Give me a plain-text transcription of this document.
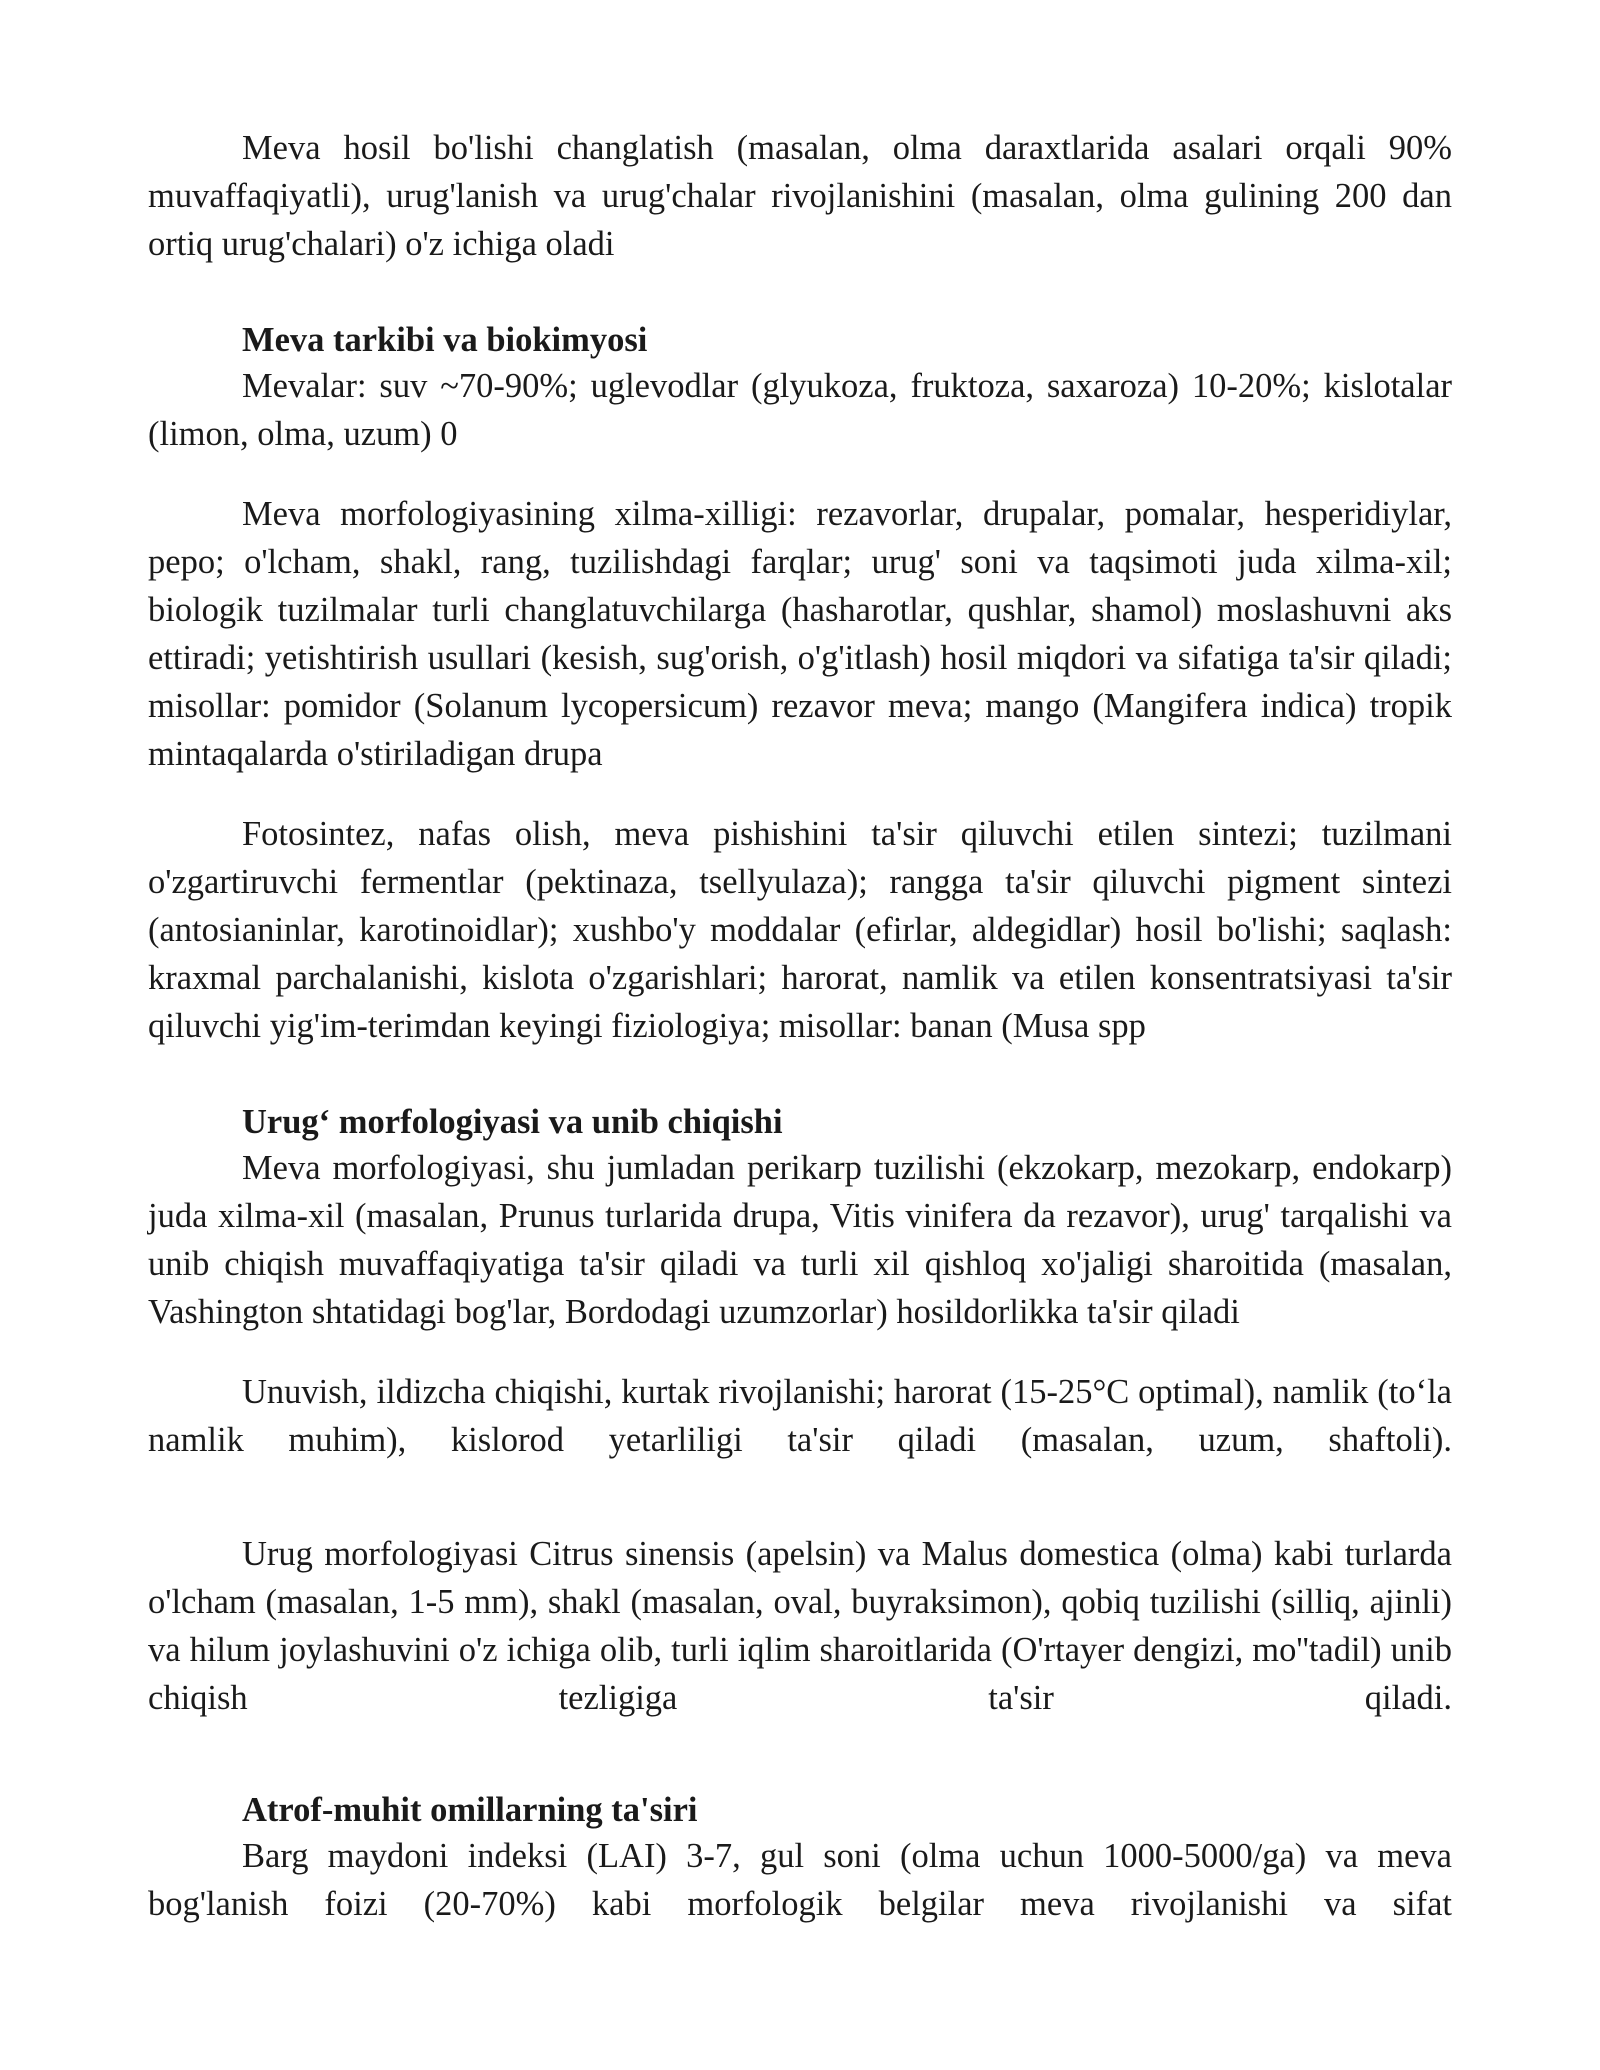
Meva hosil bo'lishi changlatish (masalan, olma daraxtlarida asalari orqali 90% muvaffaqiyatli), urug'lanish va urug'chalar rivojlanishini (masalan, olma gulining 200 dan ortiq urug'chalari) o'z ichiga oladi

Meva tarkibi va biokimyosi

Mevalar: suv ~70-90%; uglevodlar (glyukoza, fruktoza, saxaroza) 10-20%; kislotalar (limon, olma, uzum) 0

Meva morfologiyasining xilma-xilligi: rezavorlar, drupalar, pomalar, hesperidiylar, pepo; o'lcham, shakl, rang, tuzilishdagi farqlar; urug' soni va taqsimoti juda xilma-xil; biologik tuzilmalar turli changlatuvchilarga (hasharotlar, qushlar, shamol) moslashuvni aks ettiradi; yetishtirish usullari (kesish, sug'orish, o'g'itlash) hosil miqdori va sifatiga ta'sir qiladi; misollar: pomidor (Solanum lycopersicum) rezavor meva; mango (Mangifera indica) tropik mintaqalarda o'stiriladigan drupa

Fotosintez, nafas olish, meva pishishini ta'sir qiluvchi etilen sintezi; tuzilmani o'zgartiruvchi fermentlar (pektinaza, tsellyulaza); rangga ta'sir qiluvchi pigment sintezi (antosianinlar, karotinoidlar); xushbo'y moddalar (efirlar, aldegidlar) hosil bo'lishi; saqlash: kraxmal parchalanishi, kislota o'zgarishlari; harorat, namlik va etilen konsentratsiyasi ta'sir qiluvchi yig'im-terimdan keyingi fiziologiya; misollar: banan (Musa spp

Urug‘ morfologiyasi va unib chiqishi

Meva morfologiyasi, shu jumladan perikarp tuzilishi (ekzokarp, mezokarp, endokarp) juda xilma-xil (masalan, Prunus turlarida drupa, Vitis vinifera da rezavor), urug' tarqalishi va unib chiqish muvaffaqiyatiga ta'sir qiladi va turli xil qishloq xo'jaligi sharoitida (masalan, Vashington shtatidagi bog'lar, Bordodagi uzumzorlar) hosildorlikka ta'sir qiladi

Unuvish, ildizcha chiqishi, kurtak rivojlanishi; harorat (15-25°C optimal), namlik (to‘la namlik muhim), kislorod yetarliligi ta'sir qiladi (masalan, uzum, shaftoli).

Urug morfologiyasi Citrus sinensis (apelsin) va Malus domestica (olma) kabi turlarda o'lcham (masalan, 1-5 mm), shakl (masalan, oval, buyraksimon), qobiq tuzilishi (silliq, ajinli) va hilum joylashuvini o'z ichiga olib, turli iqlim sharoitlarida (O'rtayer dengizi, mo''tadil) unib chiqish tezligiga ta'sir qiladi.

Atrof-muhit omillarning ta'siri

Barg maydoni indeksi (LAI) 3-7, gul soni (olma uchun 1000-5000/ga) va meva bog'lanish foizi (20-70%) kabi morfologik belgilar meva rivojlanishi va sifat
